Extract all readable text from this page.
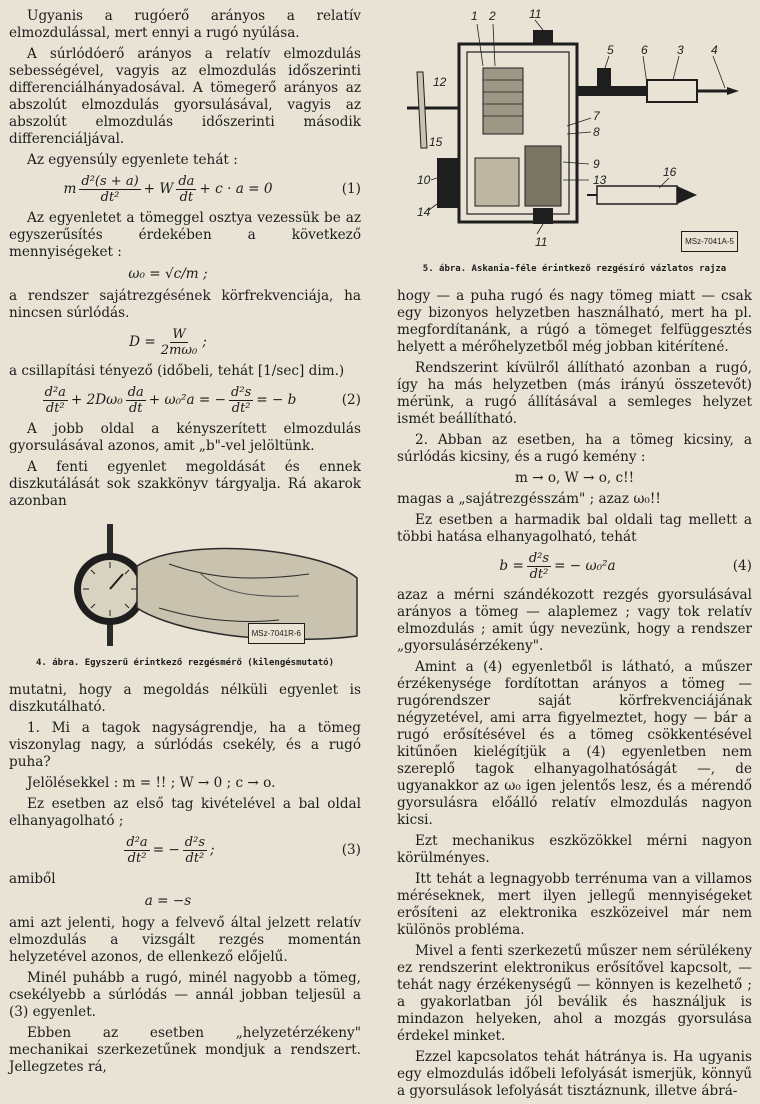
Ugyanis a rugóerő arányos a relatív elmozdulással, mert ennyi a rugó nyúlása.

A súrlódóerő arányos a relatív elmozdulás sebességével, vagyis az elmozdulás időszerinti differenciálhányadosával. A tömegerő arányos az abszolút elmozdulás gyorsulásával, vagyis az abszolút elmozdulás időszerinti második differenciáljával.

Az egyensúly egyenlete tehát :

m $\frac{\text{d²(s + a)}}{\text{dt²}} + W \frac{da}{dt} + c \cdot a = 0$	(1)

Az egyenletet a tömeggel osztya vezessük be az egyszerűsítés érdekében a következő mennyiségeket :

ω₀ = √c/m ;

a rendszer sajátrezgésének körfrekvenciája, ha nincsen súrlódás.

$D = \frac{W}{\text{2mω₀}}$ ;

a csillapítási tényező (időbeli, tehát [1/sec] dim.)

$\frac{\text{d²a}}{\text{dt²}} + 2D\omega_0 \frac{da}{dt} + \omega_0^2a$ = − $\frac{\text{d²s}}{\text{dt²}}$ = − b	(2)

A jobb oldal a kényszerített elmozdulás gyorsulásával azonos, amit „b"-vel jelöltünk.

A fenti egyenlet megoldását és ennek diszkutálását sok szakkönyv tárgyalja. Rá akarok azonban

MSz-7041R-6
4. ábra. Egyszerű érintkező rezgésmérő (kilengésmutató)

mutatni, hogy a megoldás nélküli egyenlet is diszkutálható.

1. Mi a tagok nagyságrendje, ha a tömeg viszonylag nagy, a súrlódás csekély, és a rugó puha?

Jelölésekkel : m = !! ; W → 0 ; c → o.

Ez esetben az első tag kivételével a bal oldal elhanyagolható ;

$\frac{\text{d²a}}{\text{dt²}}$ = − $\frac{\text{d²s}}{\text{dt²}}$ ;	(3)

amiből

a = −s

ami azt jelenti, hogy a felvevő által jelzett relatív elmozdulás a vizsgált rezgés momentán helyzetével azonos, de ellenkező előjelű.

Minél puhább a rugó, minél nagyobb a tömeg, csekélyebb a súrlódás — annál jobban teljesül a (3) egyenlet.

Ebben az esetben „helyzetérzékeny" mechanikai szerkezetűnek mondjuk a rendszert. Jellegzetes rá,

1 2	11
5 6 3 4
12
7
8
15
9
13
10
14
11
16
MSz-7041A-5
5. ábra. Askania-féle érintkező rezgésíró vázlatos rajza

hogy — a puha rugó és nagy tömeg miatt — csak egy bizonyos helyzetben használható, mert ha pl. megfordítanánk, a rúgó a tömeget felfüggesztés helyett a mérőhelyzetből még jobban kitérítené.

Rendszerint kívülről állítható azonban a rugó, így ha más helyzetben (más irányú összetevőt) mérünk, a rugó állításával a semleges helyzet ismét beállítható.

2. Abban az esetben, ha a tömeg kicsiny, a súrlódás kicsiny, és a rugó kemény :

m → o, W → o, c!!

magas a „sajátrezgésszám" ; azaz ω₀!!

Ez esetben a harmadik bal oldali tag mellett a többi hatása elhanyagolható, tehát

$b = \frac{\text{d²s}}{\text{dt²}}$ = − ω₀²a	(4)

azaz a mérni szándékozott rezgés gyorsulásával arányos a tömeg — alaplemez ; vagy tok relatív elmozdulás ; amit úgy nevezünk, hogy a rendszer „gyorsulásérzékeny".

Amint a (4) egyenletből is látható, a műszer érzékenysége fordítottan arányos a tömeg — rugórendszer saját körfrekvenciájának négyzetével, ami arra figyelmeztet, hogy — bár a rugó erősítésével és a tömeg csökkentésével kitűnően kielégítjük a (4) egyenletben nem szereplő tagok elhanyagolhatóságát —, de ugyanakkor az ω₀ igen jelentős lesz, és a mérendő gyorsulásra előálló relatív elmozdulás nagyon kicsi.

Ezt mechanikus eszközökkel mérni nagyon körülményes.

Itt tehát a legnagyobb terrénuma van a villamos méréseknek, mert ilyen jellegű mennyiségeket erősíteni az elektronika eszközeivel már nem különös probléma.

Mivel a fenti szerkezetű műszer nem sérülékeny ez rendszerint elektronikus erősítővel kapcsolt, — tehát nagy érzékenységű — könnyen is kezelhető ; a gyakorlatban jól beválik és használjuk is mindazon helyeken, ahol a mozgás gyorsulása érdekel minket.

Ezzel kapcsolatos tehát hátránya is. Ha ugyanis egy elmozdulás időbeli lefolyását ismerjük, könnyű a gyorsulások lefolyását tisztáznunk, illetve ábrá-
